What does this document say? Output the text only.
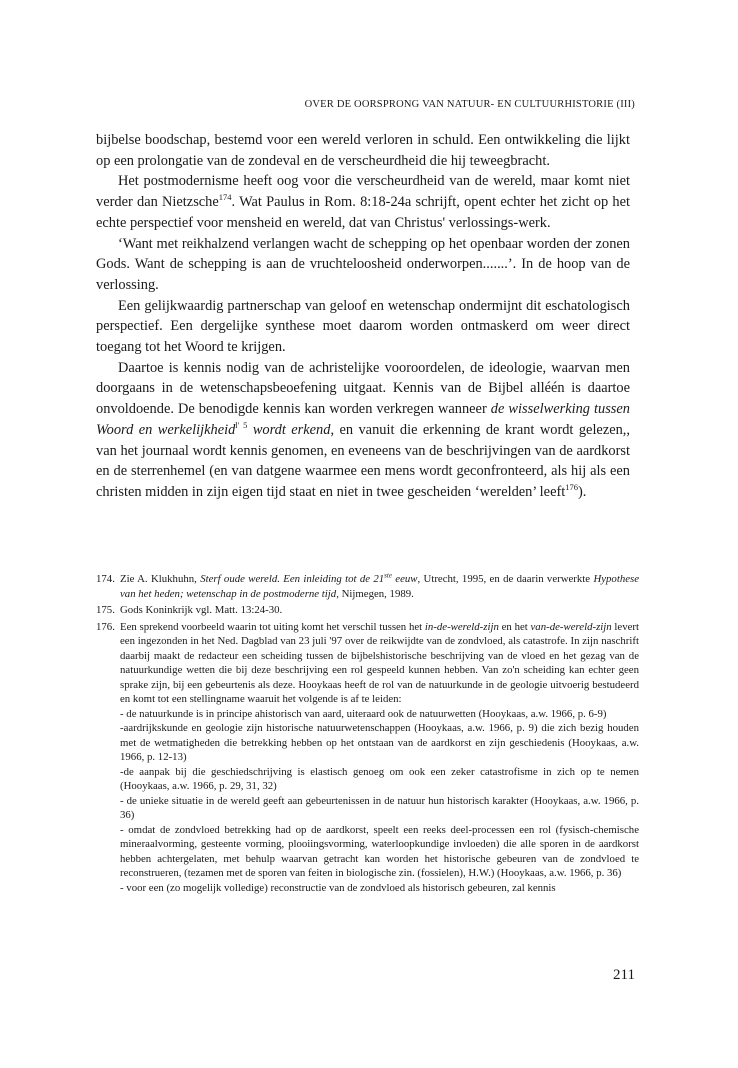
OVER DE OORSPRONG VAN NATUUR- EN CULTUURHISTORIE (III)

bijbelse boodschap, bestemd voor een wereld verloren in schuld. Een ontwikkeling die lijkt op een prolongatie van de zondeval en de verscheurdheid die hij teweegbracht.

Het postmodernisme heeft oog voor die verscheurdheid van de wereld, maar komt niet verder dan Nietzsche$^{174}$. Wat Paulus in Rom. 8:18-24a schrijft, opent echter het zicht op het echte perspectief voor mensheid en wereld, dat van Christus' verlossings-werk.

‘Want met reikhalzend verlangen wacht de schepping op het openbaar worden der zonen Gods. Want de schepping is aan de vruchteloosheid onderworpen.......’. In de hoop van de verlossing.

Een gelijkwaardig partnerschap van geloof en wetenschap ondermijnt dit eschatologisch perspectief. Een dergelijke synthese moet daarom worden ontmaskerd om weer direct toegang tot het Woord te krijgen.

Daartoe is kennis nodig van de achristelijke vooroordelen, de ideologie, waarvan men doorgaans in de wetenschapsbeoefening uitgaat. Kennis van de Bijbel alléén is daartoe onvoldoende. De benodigde kennis kan worden verkregen wanneer de wisselwerking tussen Woord en werkelijkheid$^{l' 5}$ wordt erkend, en vanuit die erkenning de krant wordt gelezen,, van het journaal wordt kennis genomen, en eveneens van de beschrijvingen van de aardkorst en de sterrenhemel (en van datgene waarmee een mens wordt geconfronteerd, als hij als een christen midden in zijn eigen tijd staat en niet in twee gescheiden ‘werelden’ leeft$^{176}$).

174. Zie A. Klukhuhn, Sterf oude wereld. Een inleiding tot de 21ste eeuw, Utrecht, 1995, en de daarin verwerkte Hypothese van het heden; wetenschap in de postmoderne tijd, Nijmegen, 1989.
175. Gods Koninkrijk vgl. Matt. 13:24-30.
176. Een sprekend voorbeeld waarin tot uiting komt het verschil tussen het in-de-wereld-zijn en het van-de-wereld-zijn levert een ingezonden in het Ned. Dagblad van 23 juli '97 over de reikwijdte van de zondvloed, als catastrofe. In zijn naschrift daarbij maakt de redacteur een scheiding tussen de bijbelshistorische beschrijving van de vloed en het gezag van de natuurkundige wetten die bij deze beschrijving een rol gespeeld kunnen hebben. Van zo'n scheiding kan echter geen sprake zijn, bij een gebeurtenis als deze. Hooykaas heeft de rol van de natuurkunde in de geologie uitvoerig bestudeerd en komt tot een stellingname waaruit het volgende is af te leiden:
- de natuurkunde is in principe ahistorisch van aard, uiteraard ook de natuurwetten (Hooykaas, a.w. 1966, p. 6-9)
-aardrijkskunde en geologie zijn historische natuurwetenschappen (Hooykaas, a.w. 1966, p. 9) die zich bezig houden met de wetmatigheden die betrekking hebben op het ontstaan van de aardkorst en zijn geschiedenis (Hooykaas, a.w. 1966, p. 12-13)
-de aanpak bij die geschiedschrijving is elastisch genoeg om ook een zeker catastrofisme in zich op te nemen (Hooykaas, a.w. 1966, p. 29, 31, 32)
- de unieke situatie in de wereld geeft aan gebeurtenissen in de natuur hun historisch karakter (Hooykaas, a.w. 1966, p. 36)
- omdat de zondvloed betrekking had op de aardkorst, speelt een reeks deel-processen een rol (fysisch-chemische mineraalvorming, gesteente vorming, plooiingsvorming, waterloopkundige invloeden) die alle sporen in de aardkorst hebben achtergelaten, met behulp waarvan getracht kan worden het historische gebeuren van de zondvloed te reconstrueren, (tezamen met de sporen van feiten in biologische zin. (fossielen), H.W.) (Hooykaas, a.w. 1966, p. 36)
- voor een (zo mogelijk volledige) reconstructie van de zondvloed als historisch gebeuren, zal kennis
211
